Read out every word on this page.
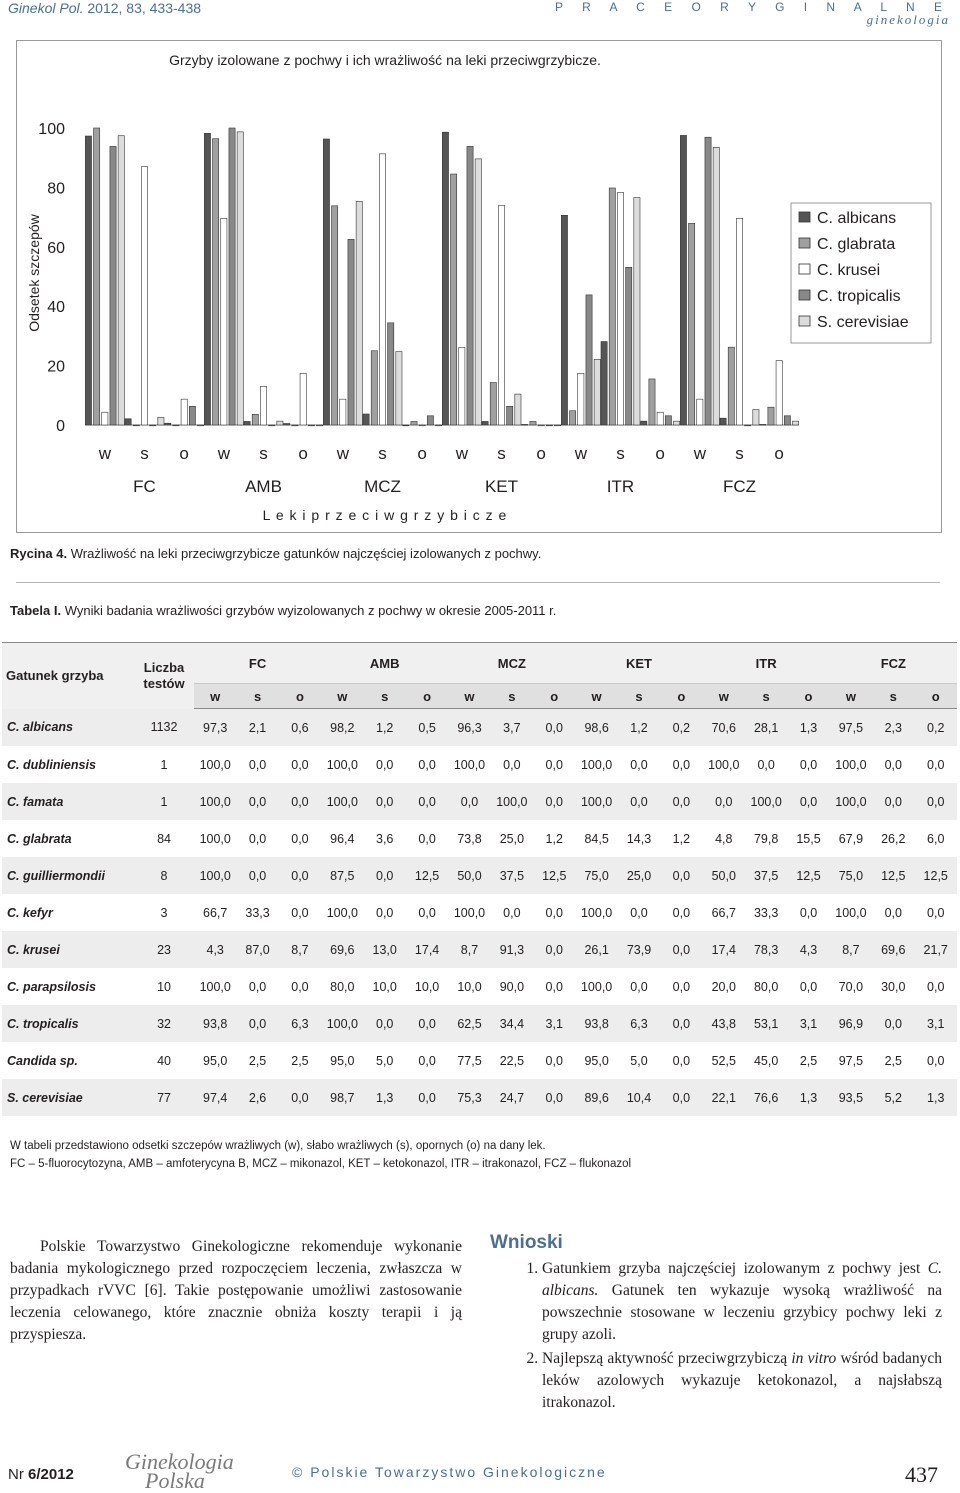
Ginekol Pol. 2012, 83, 433-438	P R A C E O R Y G I N A L N E
ginekologia
Grzyby izolowane z pochwy i ich wrażliwość na leki przeciwgrzybicze.
Odsetek szczepów
0
20
40
60
80
100
w s o w s o w s o w s o w s o w s o
FC	AMB	MCZ	KET	ITR	FCZ
L e k i p r z e c i w g r z y b i c z e
C. albicans
C. glabrata
C. krusei
C. tropicalis
S. cerevisiae
Rycina 4. Wrażliwość na leki przeciwgrzybicze gatunków najczęściej izolowanych z pochwy.
Tabela I. Wyniki badania wrażliwości grzybów wyizolowanych z pochwy w okresie 2005-2011 r.
Gatunek grzyba	Liczba
testów	FC			AMB			MCZ			KET			ITR			FCZ		
		w	s	o	w	s	o	w	s	o	w	s	o	w	s	o	w	s	o
C. albicans	1132	97,3	2,1	0,6	98,2	1,2	0,5	96,3	3,7	0,0	98,6	1,2	0,2	70,6	28,1	1,3	97,5	2,3	0,2
C. dubliniensis	1	100,0	0,0	0,0	100,0	0,0	0,0	100,0	0,0	0,0	100,0	0,0	0,0	100,0	0,0	0,0	100,0	0,0	0,0
C. famata	1	100,0	0,0	0,0	100,0	0,0	0,0	0,0	100,0	0,0	100,0	0,0	0,0	0,0	100,0	0,0	100,0	0,0	0,0
C. glabrata	84	100,0	0,0	0,0	96,4	3,6	0,0	73,8	25,0	1,2	84,5	14,3	1,2	4,8	79,8	15,5	67,9	26,2	6,0
C. guilliermondii	8	100,0	0,0	0,0	87,5	0,0	12,5	50,0	37,5	12,5	75,0	25,0	0,0	50,0	37,5	12,5	75,0	12,5	12,5
C. kefyr	3	66,7	33,3	0,0	100,0	0,0	0,0	100,0	0,0	0,0	100,0	0,0	0,0	66,7	33,3	0,0	100,0	0,0	0,0
C. krusei	23	4,3	87,0	8,7	69,6	13,0	17,4	8,7	91,3	0,0	26,1	73,9	0,0	17,4	78,3	4,3	8,7	69,6	21,7
C. parapsilosis	10	100,0	0,0	0,0	80,0	10,0	10,0	10,0	90,0	0,0	100,0	0,0	0,0	20,0	80,0	0,0	70,0	30,0	0,0
C. tropicalis	32	93,8	0,0	6,3	100,0	0,0	0,0	62,5	34,4	3,1	93,8	6,3	0,0	43,8	53,1	3,1	96,9	0,0	3,1
Candida sp.	40	95,0	2,5	2,5	95,0	5,0	0,0	77,5	22,5	0,0	95,0	5,0	0,0	52,5	45,0	2,5	97,5	2,5	0,0
S. cerevisiae	77	97,4	2,6	0,0	98,7	1,3	0,0	75,3	24,7	0,0	89,6	10,4	0,0	22,1	76,6	1,3	93,5	5,2	1,3
W tabeli przedstawiono odsetki szczepów wrażliwych (w), słabo wrażliwych (s), opornych (o) na dany lek.
FC – 5-fluorocytozyna, AMB – amfoterycyna B, MCZ – mikonazol, KET – ketokonazol, ITR – itrakonazol, FCZ – flukonazol
Polskie Towarzystwo Ginekologiczne rekomenduje wykonanie badania mykologicznego przed rozpoczęciem leczenia, zwłaszcza w przypadkach rVVC [6]. Takie postępowanie umożliwi zastosowanie leczenia celowanego, które znacznie obniża koszty terapii i ją przyspiesza.
Wnioski
1. Gatunkiem grzyba najczęściej izolowanym z pochwy jest C. albicans. Gatunek ten wykazuje wysoką wrażliwość na powszechnie stosowane w leczeniu grzybicy pochwy leki z grupy azoli.
2. Najlepszą aktywność przeciwgrzybiczą in vitro wśród badanych leków azolowych wykazuje ketokonazol, a najsłabszą itrakonazol.
Nr 6/2012
Ginekologia
Polska	© Polskie Towarzystwo Ginekologiczne	437
